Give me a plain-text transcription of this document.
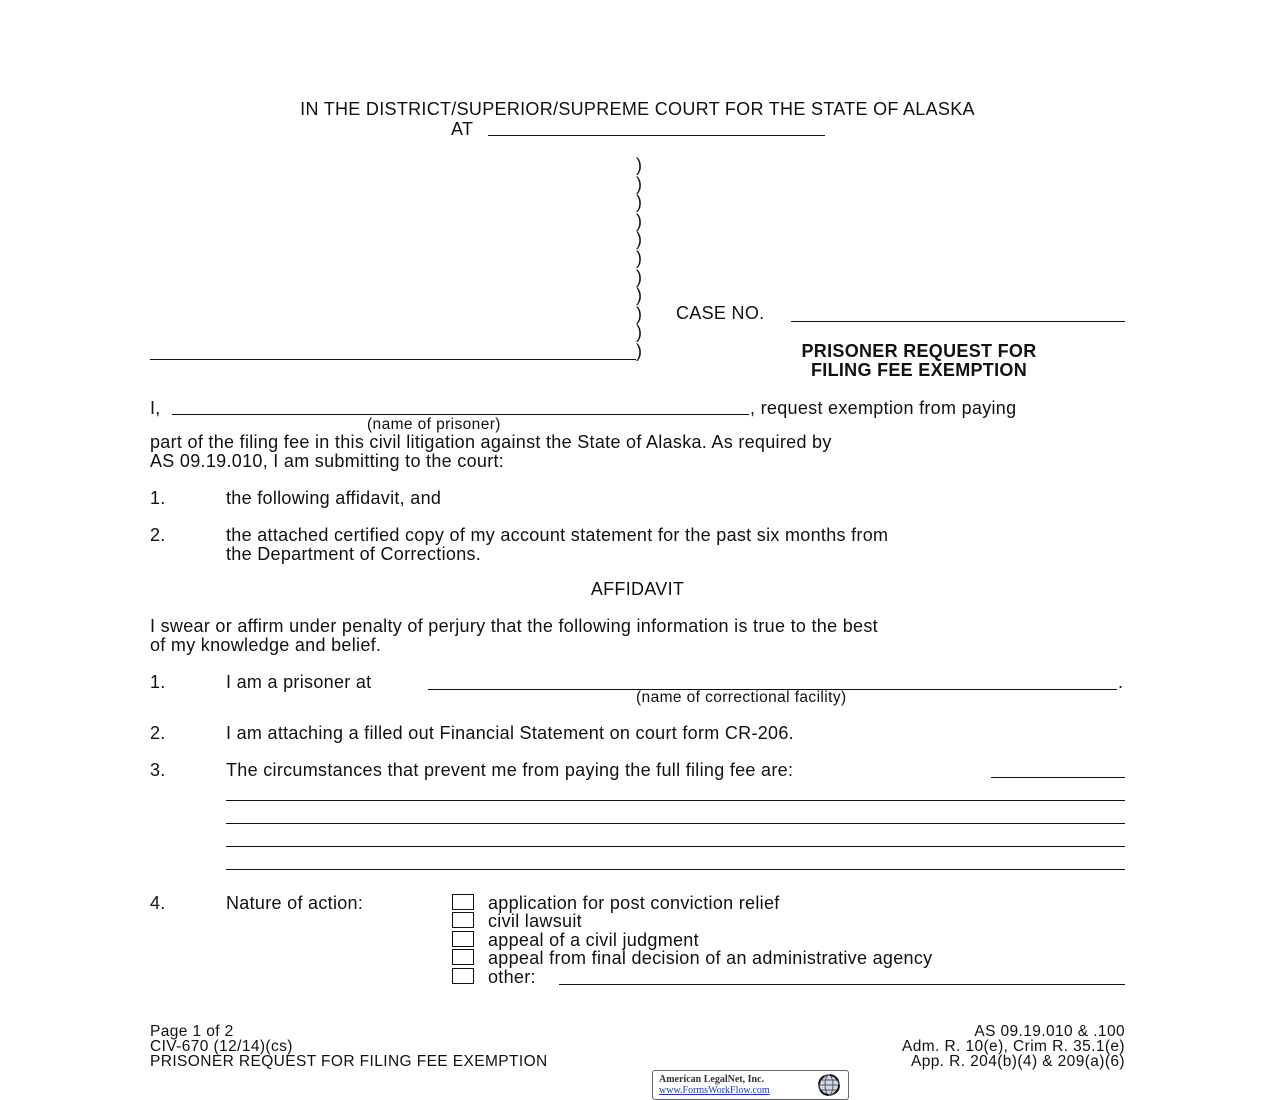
IN THE DISTRICT/SUPERIOR/SUPREME COURT FOR THE STATE OF ALASKA
AT
)
)
)
)
)
)
)
)
)
)
)
CASE NO.
PRISONER REQUEST FOR
FILING FEE EXEMPTION
I,	, request exemption from paying
(name of prisoner)
part of the filing fee in this civil litigation against the State of Alaska. As required by
AS 09.19.010, I am submitting to the court:
1.	the following affidavit, and
2.	the attached certified copy of my account statement for the past six months from
the Department of Corrections.
AFFIDAVIT
I swear or affirm under penalty of perjury that the following information is true to the best
of my knowledge and belief.
1.	I am a prisoner at	.
(name of correctional facility)
2.	I am attaching a filled out Financial Statement on court form CR-206.
3.	The circumstances that prevent me from paying the full filing fee are:
4.	Nature of action:	application for post conviction relief
civil lawsuit
appeal of a civil judgment
appeal from final decision of an administrative agency
other:
Page 1 of 2
CIV-670 (12/14)(cs)
PRISONER REQUEST FOR FILING FEE EXEMPTION
AS 09.19.010 & .100
Adm. R. 10(e), Crim R. 35.1(e)
App. R. 204(b)(4) & 209(a)(6)
American LegalNet, Inc.
www.FormsWorkFlow.com
